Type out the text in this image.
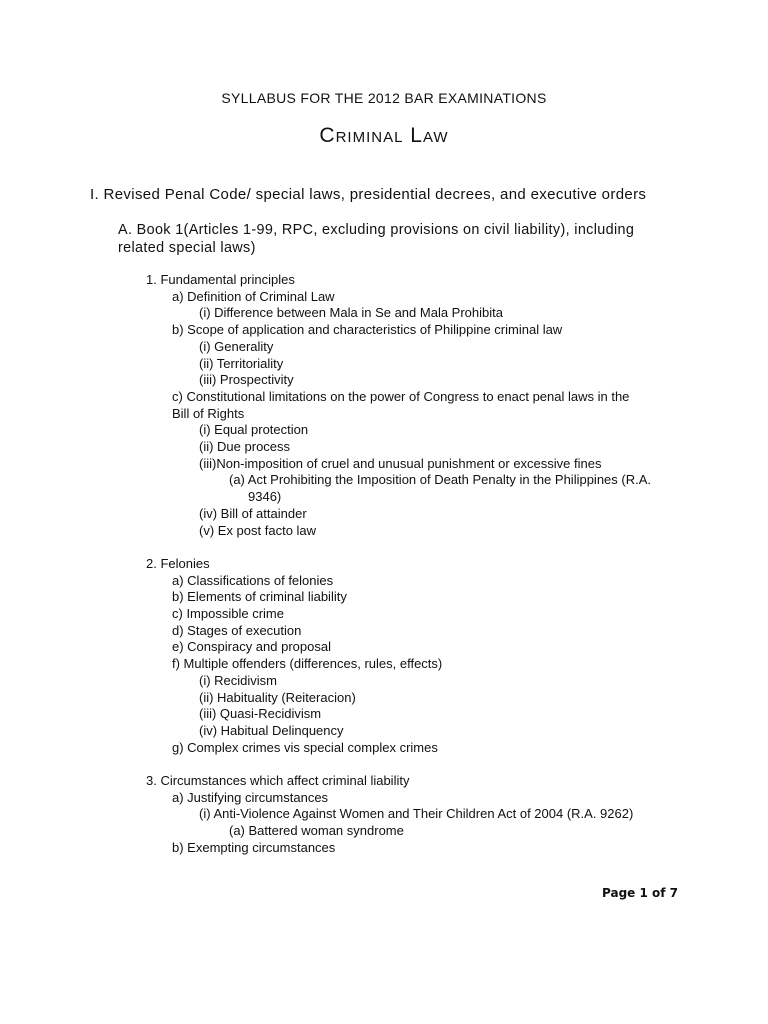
SYLLABUS FOR THE 2012 BAR EXAMINATIONS
Criminal Law
I. Revised Penal Code/ special laws, presidential decrees, and executive orders
A. Book 1(Articles 1-99, RPC, excluding provisions on civil liability), including related special laws)
1. Fundamental principles
a) Definition of Criminal Law
(i) Difference between Mala in Se and Mala Prohibita
b) Scope of application and characteristics of Philippine criminal law
(i) Generality
(ii) Territoriality
(iii) Prospectivity
c) Constitutional limitations on the power of Congress to enact penal laws in the
Bill of Rights
(i) Equal protection
(ii) Due process
(iii)Non-imposition of cruel and unusual punishment or excessive fines
(a) Act Prohibiting the Imposition of Death Penalty in the Philippines (R.A.
9346)
(iv) Bill of attainder
(v) Ex post facto law
2. Felonies
a) Classifications of felonies
b) Elements of criminal liability
c) Impossible crime
d) Stages of execution
e) Conspiracy and proposal
f) Multiple offenders (differences, rules, effects)
(i) Recidivism
(ii) Habituality (Reiteracion)
(iii) Quasi-Recidivism
(iv) Habitual Delinquency
g) Complex crimes vis special complex crimes
3. Circumstances which affect criminal liability
a) Justifying circumstances
(i) Anti-Violence Against Women and Their Children Act of 2004 (R.A. 9262)
(a) Battered woman syndrome
b) Exempting circumstances
Page 1 of 7
